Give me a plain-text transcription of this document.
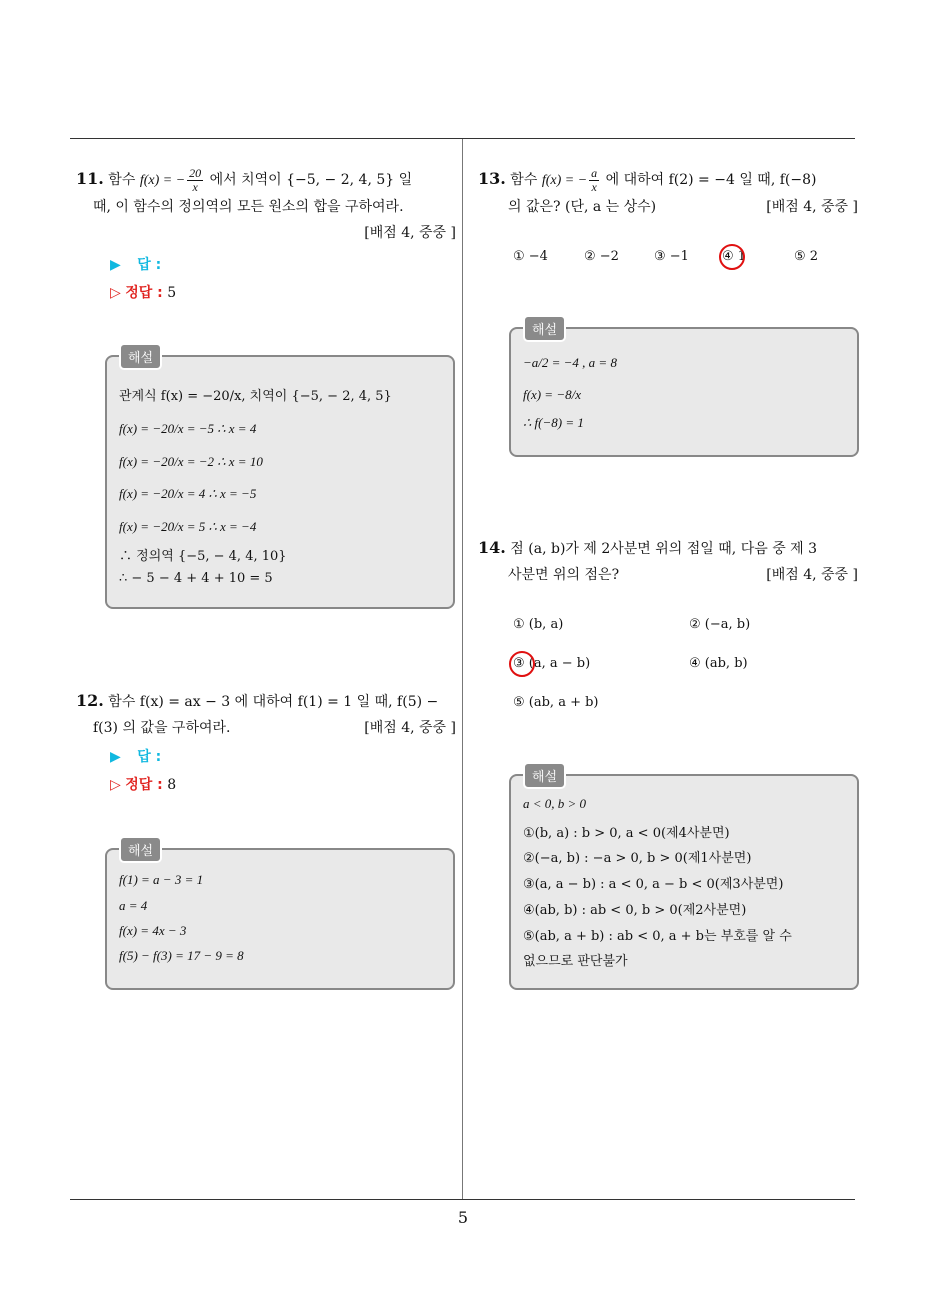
5
11. 함수 f(x) = − $\frac{20}{x}$ 에서 치역이 {−5, − 2, 4, 5} 일
때, 이 함수의 정의역의 모든 원소의 합을 구하여라.
[배점 4, 중중 ]
▶ 답 :
▷ 정답 : 5
해설
관계식 f(x) = −20/x, 치역이 {−5, − 2, 4, 5}
f(x) = −20/x = −5 ∴ x = 4
f(x) = −20/x = −2 ∴ x = 10
f(x) = −20/x = 4 ∴ x = −5
f(x) = −20/x = 5 ∴ x = −4
∴ 정의역 {−5, − 4, 4, 10}
∴ − 5 − 4 + 4 + 10 = 5
12. 함수 f(x) = ax − 3 에 대하여 f(1) = 1 일 때, f(5) −
f(3) 의 값을 구하여라.	[배점 4, 중중 ]
▶ 답 :
▷ 정답 : 8
해설
f(1) = a − 3 = 1
a = 4
f(x) = 4x − 3
f(5) − f(3) = 17 − 9 = 8
13. 함수 f(x) = − $\frac{a}{x}$ 에 대하여 f(2) = −4 일 때, f(−8)
의 값은? (단, a 는 상수)	[배점 4, 중중 ]
① −4	② −2	③ −1	④ 1	⑤ 2
해설
−a/2 = −4 , a = 8
f(x) = −8/x
∴ f(−8) = 1
14. 점 (a, b)가 제 2사분면 위의 점일 때, 다음 중 제 3
사분면 위의 점은?	[배점 4, 중중 ]
① (b, a)	② (−a, b)
③ (a, a − b)	④ (ab, b)
⑤ (ab, a + b)
해설
a < 0, b > 0
①(b, a) : b > 0, a < 0(제4사분면)
②(−a, b) : −a > 0, b > 0(제1사분면)
③(a, a − b) : a < 0, a − b < 0(제3사분면)
④(ab, b) : ab < 0, b > 0(제2사분면)
⑤(ab, a + b) : ab < 0, a + b는 부호를 알 수
없으므로 판단불가
